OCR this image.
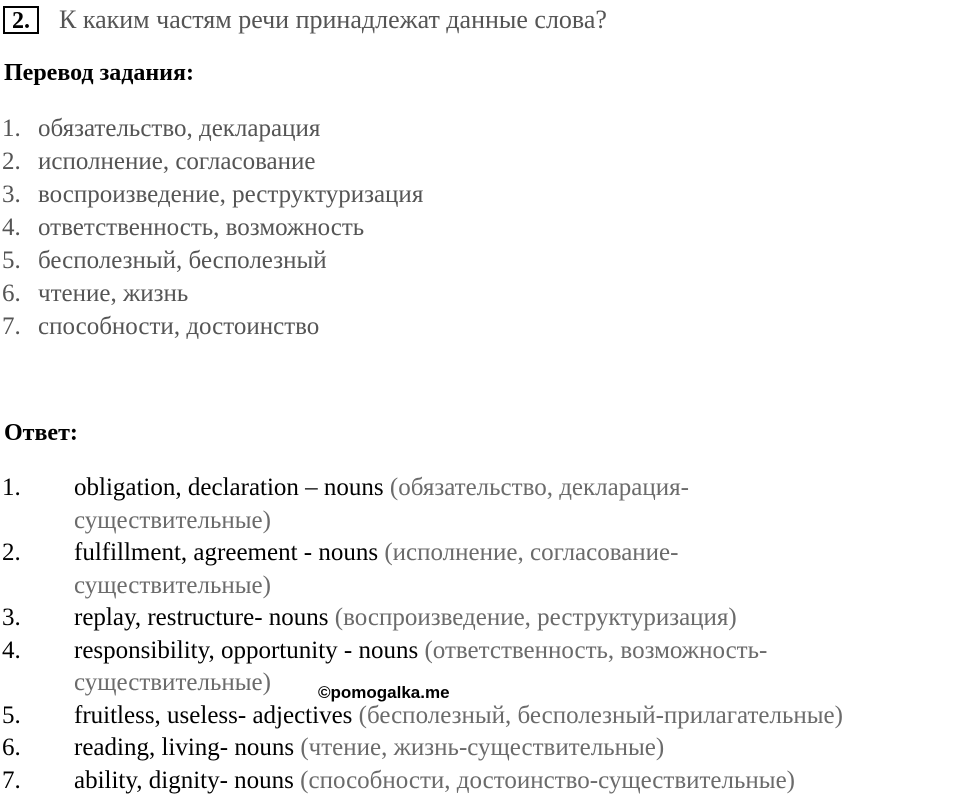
2.	К каким частям речи принадлежат данные слова?
Перевод задания:
1. обязательство, декларация
2. исполнение, согласование
3. воспроизведение, реструктуризация
4. ответственность, возможность
5. бесполезный, бесполезный
6. чтение, жизнь
7. способности, достоинство
Ответ:
1.	obligation, declaration – nouns (обязательство, декларация-
существительные)
2.	fulfillment, agreement - nouns (исполнение, согласование-
существительные)
3.	replay, restructure- nouns (воспроизведение, реструктуризация)
4.	responsibility, opportunity - nouns (ответственность, возможность-
существительные)
5.	fruitless, useless- adjectives (бесполезный, бесполезный-прилагательные)
6.	reading, living- nouns (чтение, жизнь-существительные)
7.	ability, dignity- nouns (способности, достоинство-существительные)
©pomogalka.me
